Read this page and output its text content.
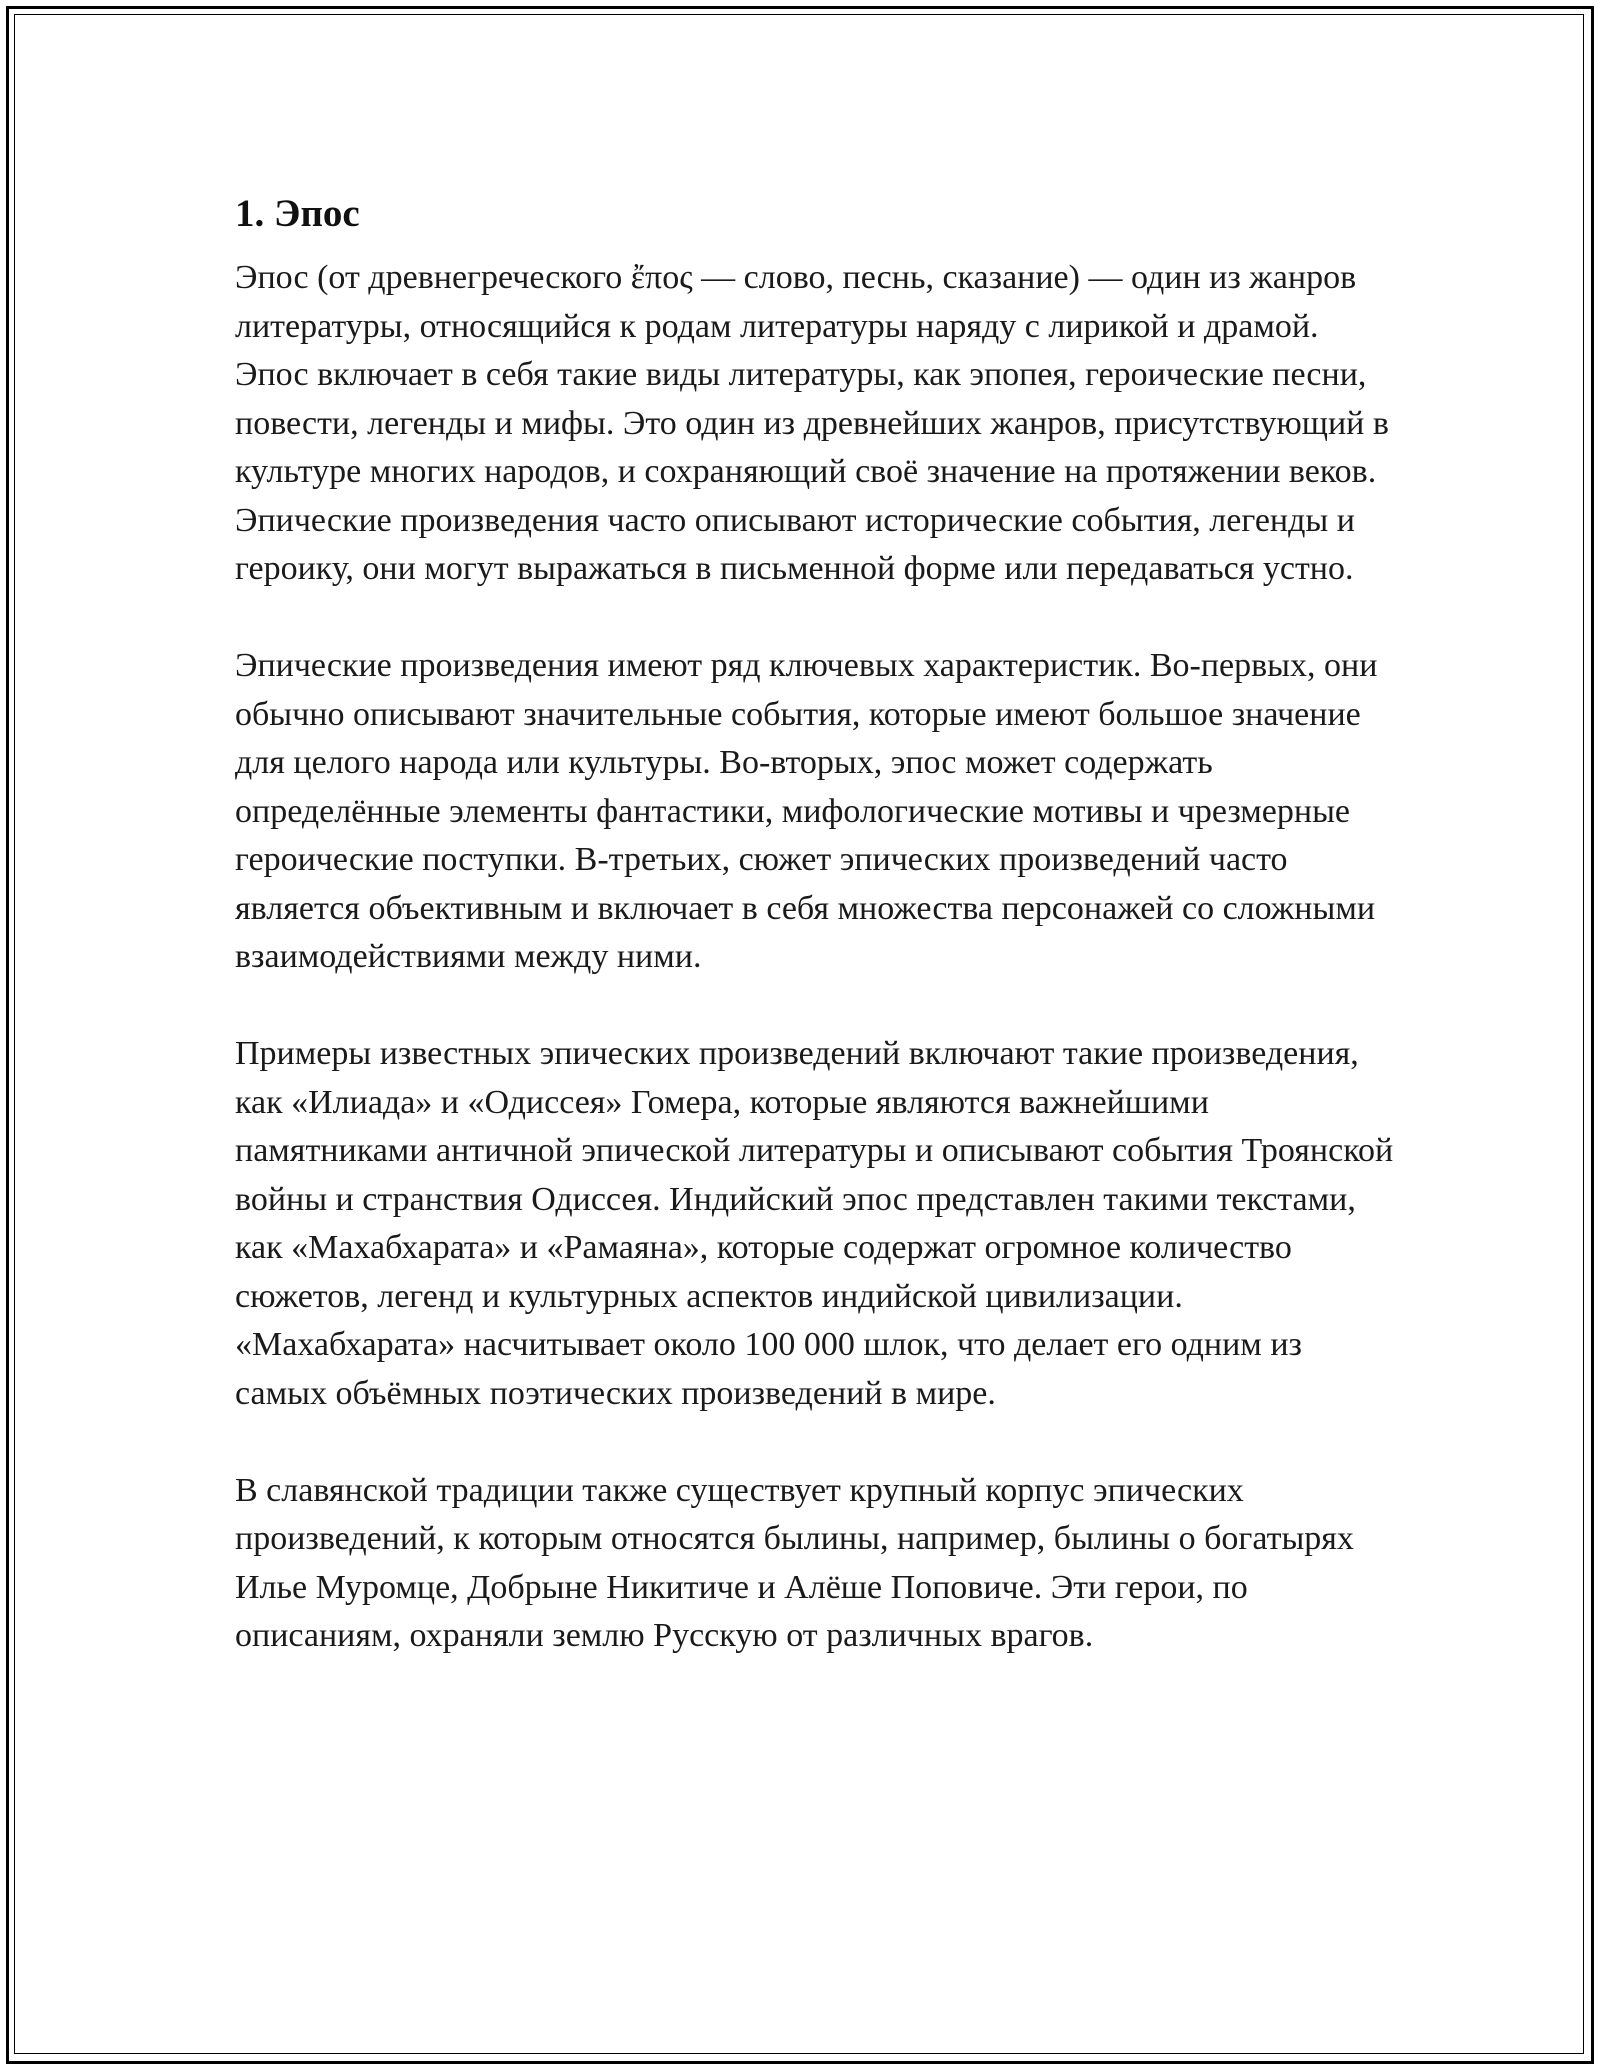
1. Эпос

Эпос (от древнегреческого ἔπος — слово, песнь, сказание) — один из жанров литературы, относящийся к родам литературы наряду с лирикой и драмой. Эпос включает в себя такие виды литературы, как эпопея, героические песни, повести, легенды и мифы. Это один из древнейших жанров, присутствующий в культуре многих народов, и сохраняющий своё значение на протяжении веков. Эпические произведения часто описывают исторические события, легенды и героику, они могут выражаться в письменной форме или передаваться устно.

Эпические произведения имеют ряд ключевых характеристик. Во-первых, они обычно описывают значительные события, которые имеют большое значение для целого народа или культуры. Во-вторых, эпос может содержать определённые элементы фантастики, мифологические мотивы и чрезмерные героические поступки. В-третьих, сюжет эпических произведений часто является объективным и включает в себя множества персонажей со сложными взаимодействиями между ними.

Примеры известных эпических произведений включают такие произведения, как «Илиада» и «Одиссея» Гомера, которые являются важнейшими памятниками античной эпической литературы и описывают события Троянской войны и странствия Одиссея. Индийский эпос представлен такими текстами, как «Махабхарата» и «Рамаяна», которые содержат огромное количество сюжетов, легенд и культурных аспектов индийской цивилизации. «Махабхарата» насчитывает около 100 000 шлок, что делает его одним из самых объёмных поэтических произведений в мире.

В славянской традиции также существует крупный корпус эпических произведений, к которым относятся былины, например, былины о богатырях Илье Муромце, Добрыне Никитиче и Алёше Поповиче. Эти герои, по описаниям, охраняли землю Русскую от различных врагов.
